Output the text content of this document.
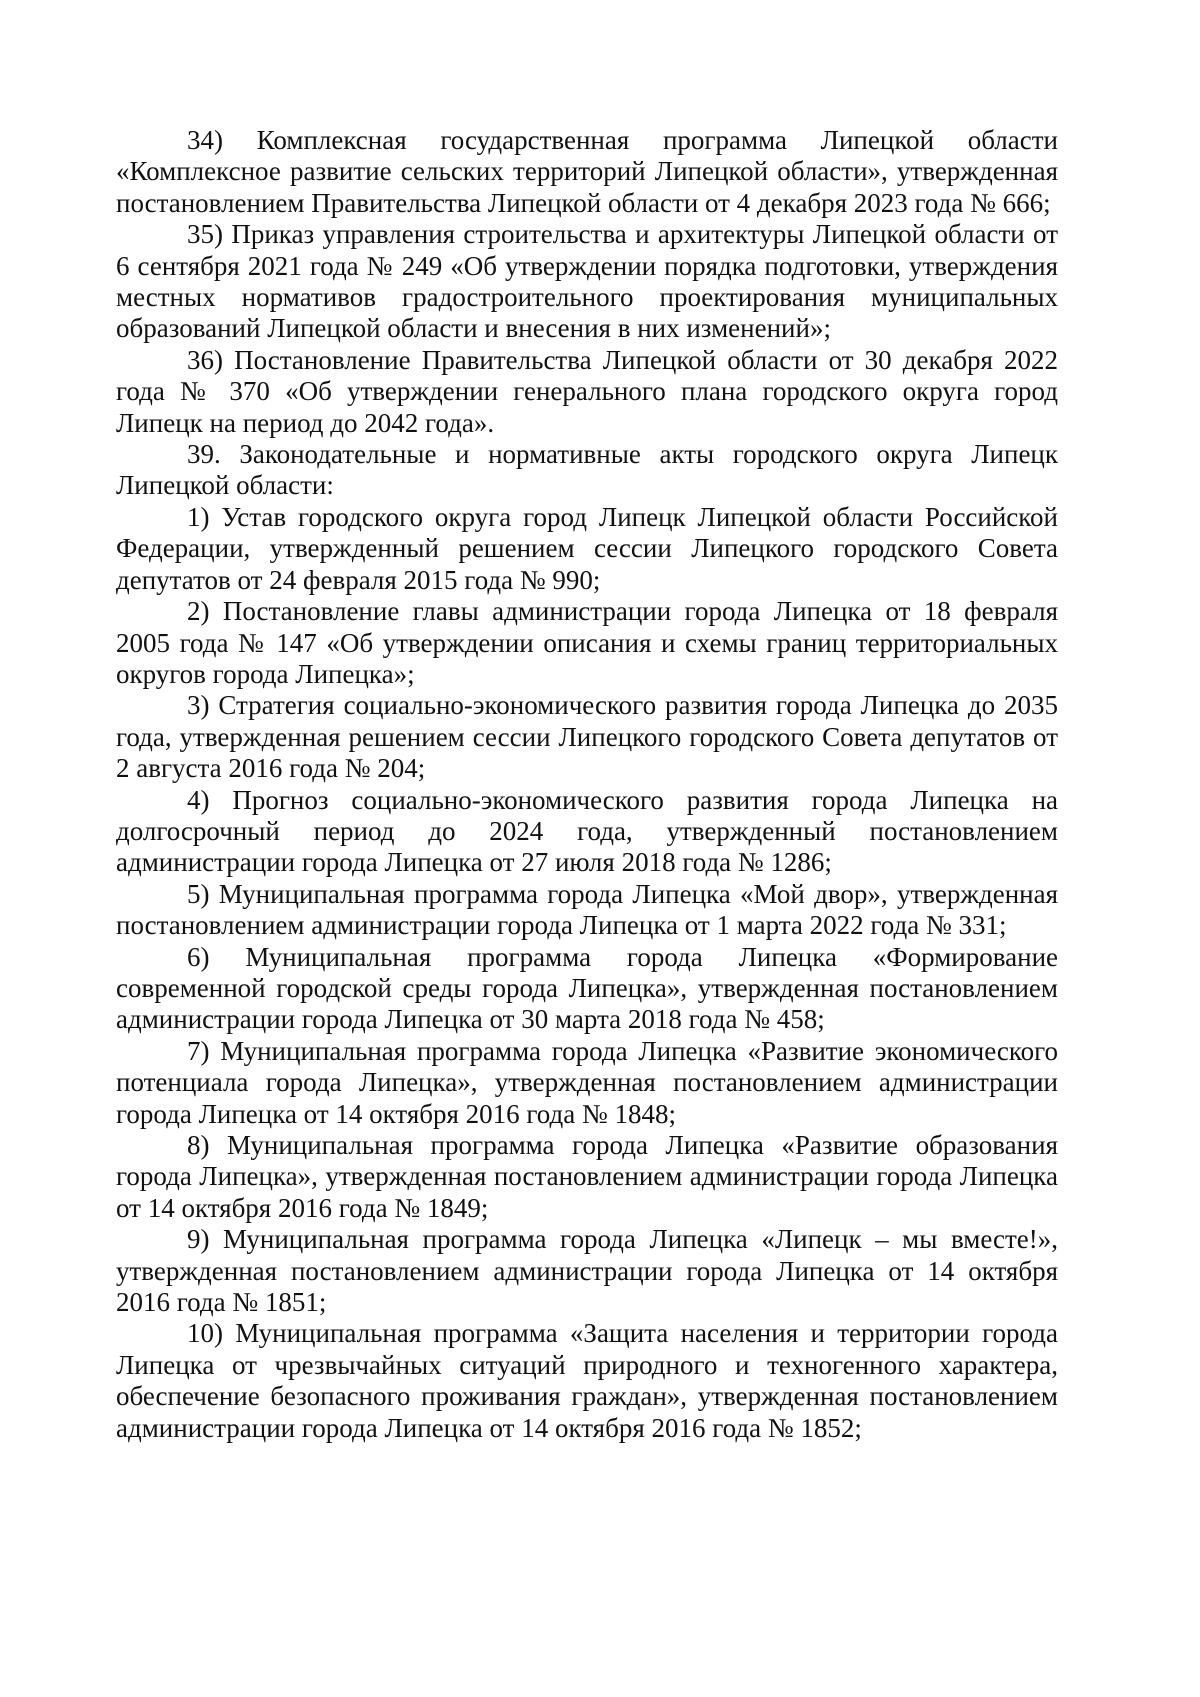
34) Комплексная государственная программа Липецкой области «Комплексное развитие сельских территорий Липецкой области», утвержденная постановлением Правительства Липецкой области от 4 декабря 2023 года № 666;

35) Приказ управления строительства и архитектуры Липецкой области от 6 сентября 2021 года № 249 «Об утверждении порядка подготовки, утверждения местных нормативов градостроительного проектирования муниципальных образований Липецкой области и внесения в них изменений»;

36) Постановление Правительства Липецкой области от 30 декабря 2022 года № 370 «Об утверждении генерального плана городского округа город Липецк на период до 2042 года».

39. Законодательные и нормативные акты городского округа Липецк Липецкой области:

1) Устав городского округа город Липецк Липецкой области Российской Федерации, утвержденный решением сессии Липецкого городского Совета депутатов от 24 февраля 2015 года № 990;

2) Постановление главы администрации города Липецка от 18 февраля 2005 года № 147 «Об утверждении описания и схемы границ территориальных округов города Липецка»;

3) Стратегия социально-экономического развития города Липецка до 2035 года, утвержденная решением сессии Липецкого городского Совета депутатов от 2 августа 2016 года № 204;

4) Прогноз социально-экономического развития города Липецка на долгосрочный период до 2024 года, утвержденный постановлением администрации города Липецка от 27 июля 2018 года № 1286;

5) Муниципальная программа города Липецка «Мой двор», утвержденная постановлением администрации города Липецка от 1 марта 2022 года № 331;

6) Муниципальная программа города Липецка «Формирование современной городской среды города Липецка», утвержденная постановлением администрации города Липецка от 30 марта 2018 года № 458;

7) Муниципальная программа города Липецка «Развитие экономического потенциала города Липецка», утвержденная постановлением администрации города Липецка от 14 октября 2016 года № 1848;

8) Муниципальная программа города Липецка «Развитие образования города Липецка», утвержденная постановлением администрации города Липецка от 14 октября 2016 года № 1849;

9) Муниципальная программа города Липецка «Липецк – мы вместе!», утвержденная постановлением администрации города Липецка от 14 октября 2016 года № 1851;

10) Муниципальная программа «Защита населения и территории города Липецка от чрезвычайных ситуаций природного и техногенного характера, обеспечение безопасного проживания граждан», утвержденная постановлением администрации города Липецка от 14 октября 2016 года № 1852;
